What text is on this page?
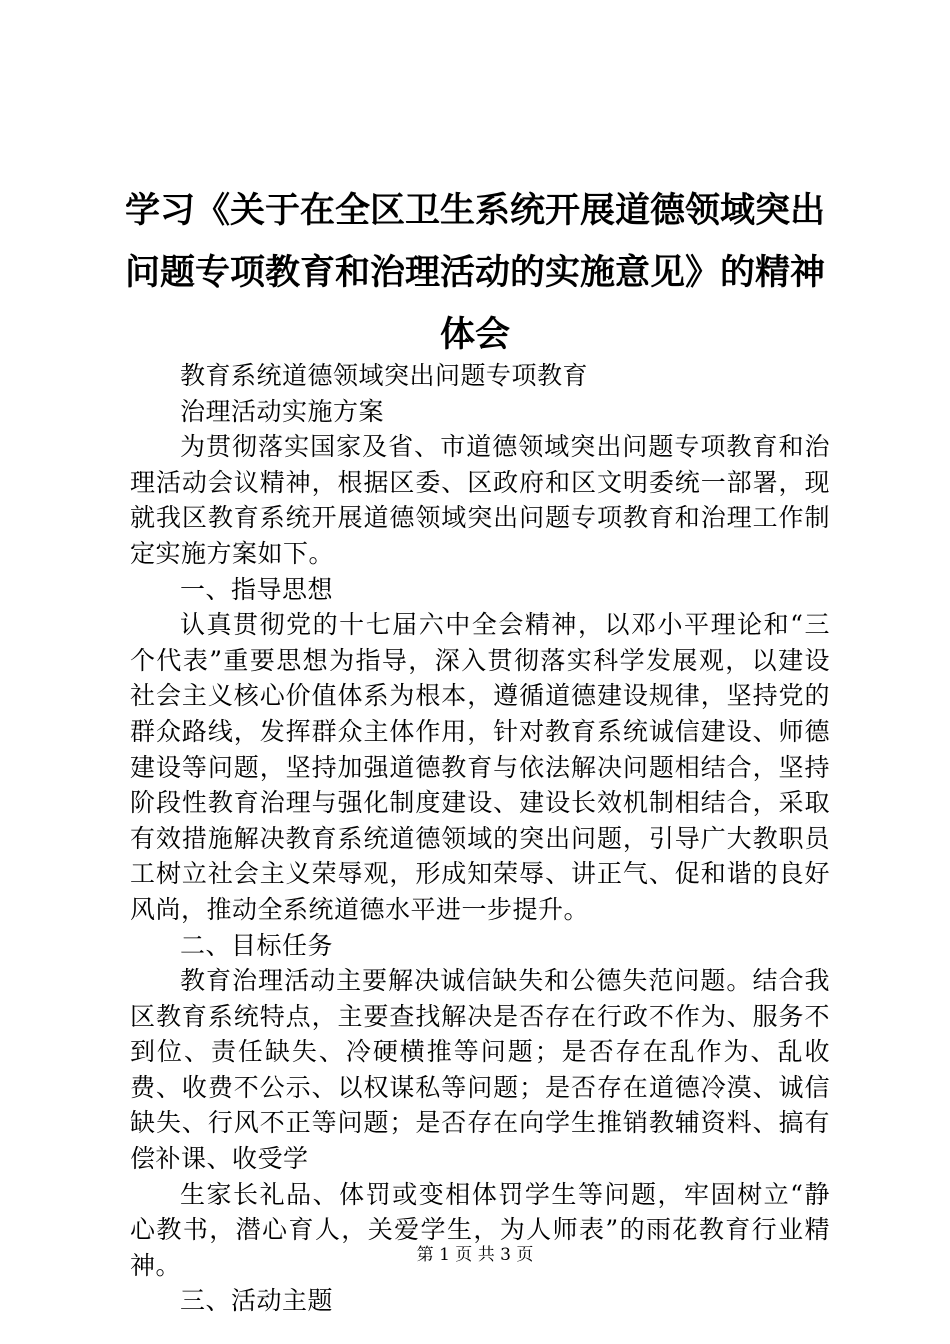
学习《关于在全区卫生系统开展道德领域突出问题专项教育和治理活动的实施意见》的精神体会

教育系统道德领域突出问题专项教育

治理活动实施方案

为贯彻落实国家及省、市道德领域突出问题专项教育和治理活动会议精神，根据区委、区政府和区文明委统一部署，现就我区教育系统开展道德领域突出问题专项教育和治理工作制定实施方案如下。

一、指导思想

认真贯彻党的十七届六中全会精神，以邓小平理论和“三个代表”重要思想为指导，深入贯彻落实科学发展观，以建设社会主义核心价值体系为根本，遵循道德建设规律，坚持党的群众路线，发挥群众主体作用，针对教育系统诚信建设、师德建设等问题，坚持加强道德教育与依法解决问题相结合，坚持阶段性教育治理与强化制度建设、建设长效机制相结合，采取有效措施解决教育系统道德领域的突出问题，引导广大教职员工树立社会主义荣辱观，形成知荣辱、讲正气、促和谐的良好风尚，推动全系统道德水平进一步提升。

二、目标任务

教育治理活动主要解决诚信缺失和公德失范问题。结合我区教育系统特点，主要查找解决是否存在行政不作为、服务不到位、责任缺失、冷硬横推等问题；是否存在乱作为、乱收费、收费不公示、以权谋私等问题；是否存在道德冷漠、诚信缺失、行风不正等问题；是否存在向学生推销教辅资料、搞有偿补课、收受学

生家长礼品、体罚或变相体罚学生等问题，牢固树立“静心教书，潜心育人，关爱学生，为人师表”的雨花教育行业精神。

三、活动主题

第 1 页 共 3 页
